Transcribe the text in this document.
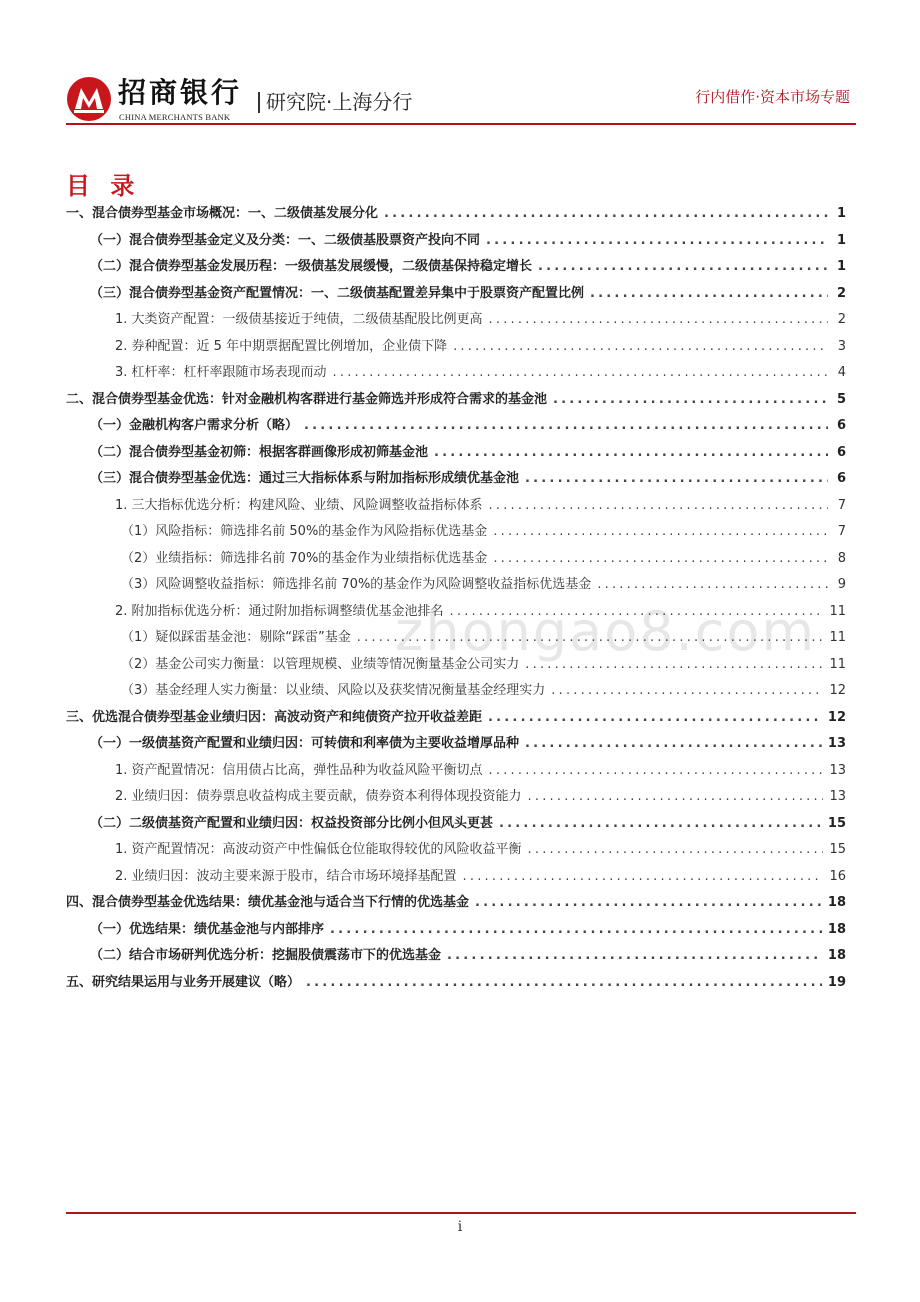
招商银行
CHINA MERCHANTS BANK
研究院·上海分行	行内借作·资本市场专题
目 录
一、混合债券型基金市场概况：一、二级债基发展分化 .....	1
（一）混合债券型基金定义及分类：一、二级债基股票资产投向不同 .....	1
（二）混合债券型基金发展历程：一级债基发展缓慢，二级债基保持稳定增长 .....	1
（三）混合债券型基金资产配置情况：一、二级债基配置差异集中于股票资产配置比例 .....	2
1. 大类资产配置：一级债基接近于纯债，二级债基配股比例更高 .....	2
2. 券种配置：近 5 年中期票据配置比例增加，企业债下降 .....	3
3. 杠杆率：杠杆率跟随市场表现而动 .....	4
二、混合债券型基金优选：针对金融机构客群进行基金筛选并形成符合需求的基金池 .....	5
（一）金融机构客户需求分析（略） .....	6
（二）混合债券型基金初筛：根据客群画像形成初筛基金池 .....	6
（三）混合债券型基金优选：通过三大指标体系与附加指标形成绩优基金池 .....	6
1. 三大指标优选分析：构建风险、业绩、风险调整收益指标体系 .....	7
（1）风险指标：筛选排名前 50%的基金作为风险指标优选基金 .....	7
（2）业绩指标：筛选排名前 70%的基金作为业绩指标优选基金 .....	8
（3）风险调整收益指标：筛选排名前 70%的基金作为风险调整收益指标优选基金 .....	9
2. 附加指标优选分析：通过附加指标调整绩优基金池排名 .....	11
（1）疑似踩雷基金池：剔除“踩雷”基金 .....	11
（2）基金公司实力衡量：以管理规模、业绩等情况衡量基金公司实力 .....	11
（3）基金经理人实力衡量：以业绩、风险以及获奖情况衡量基金经理实力 .....	12
三、优选混合债券型基金业绩归因：高波动资产和纯债资产拉开收益差距 .....	12
（一）一级债基资产配置和业绩归因：可转债和利率债为主要收益增厚品种 .....	13
1. 资产配置情况：信用债占比高，弹性品种为收益风险平衡切点 .....	13
2. 业绩归因：债券票息收益构成主要贡献，债券资本利得体现投资能力 .....	13
（二）二级债基资产配置和业绩归因：权益投资部分比例小但风头更甚 .....	15
1. 资产配置情况：高波动资产中性偏低仓位能取得较优的风险收益平衡 .....	15
2. 业绩归因：波动主要来源于股市，结合市场环境择基配置 .....	16
四、混合债券型基金优选结果：绩优基金池与适合当下行情的优选基金 .....	18
（一）优选结果：绩优基金池与内部排序 .....	18
（二）结合市场研判优选分析：挖掘股债震荡市下的优选基金 .....	18
五、研究结果运用与业务开展建议（略） .....	19
zhongao8.com
i
